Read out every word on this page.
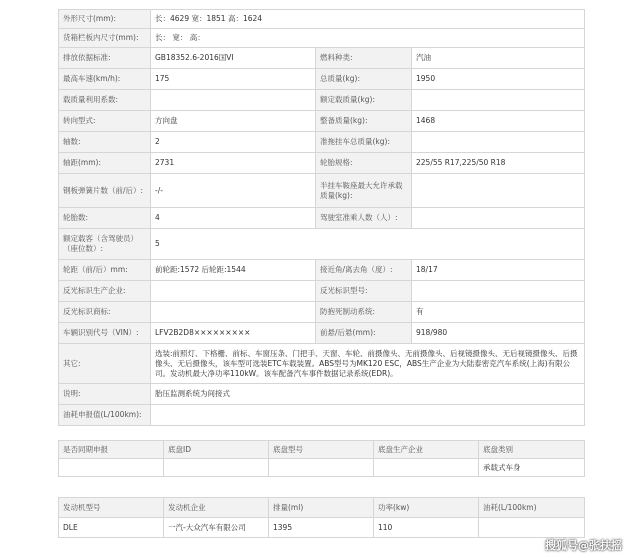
外形尺寸(mm):	长：4629 宽：1851 高：1624		
货箱栏板内尺寸(mm):	长： 宽： 高：		
排放依据标准:	GB18352.6-2016国VI	燃料种类:	汽油
最高车速(km/h):	175	总质量(kg):	1950
载质量利用系数:		额定载质量(kg):	
转向型式:	方向盘	整备质量(kg):	1468
轴数:	2	准拖挂车总质量(kg):	
轴距(mm):	2731	轮胎规格:	225/55 R17,225/50 R18
钢板弹簧片数（前/后）:	-/-	半挂车鞍座最大允许承载质量(kg):	
轮胎数:	4	驾驶室准乘人数（人）:	
额定载客（含驾驶员）（座位数）:	5		
轮距（前/后）mm:	前轮距:1572 后轮距:1544	接近角/离去角（度）:	18/17
反光标识生产企业:		反光标识型号:	
反光标识商标:		防抱死制动系统:	有
车辆识别代号（VIN）:	LFV2B2D8×××××××××	前悬/后悬(mm):	918/980
其它:	选装:前照灯、下格栅、前标、车窗压条、门把手、天窗、车轮、前摄像头、无前摄像头、后视镜摄像头、无后视镜摄像头、后摄像头、无后摄像头，该车型可选装ETC车载装置。ABS型号为MK120 ESC，ABS生产企业为大陆泰密克汽车系统(上海)有限公司。发动机最大净功率110kW。该车配备汽车事件数据记录系统(EDR)。		
说明:	胎压监测系统为间接式		
油耗申报值(L/100km):			
是否同期申报	底盘ID	底盘型号	底盘生产企业	底盘类别
				承载式车身
发动机型号	发动机企业	排量(ml)	功率(kw)	油耗(L/100km)
DLE	一汽-大众汽车有限公司	1395	110	
搜狐号@张扶摇
